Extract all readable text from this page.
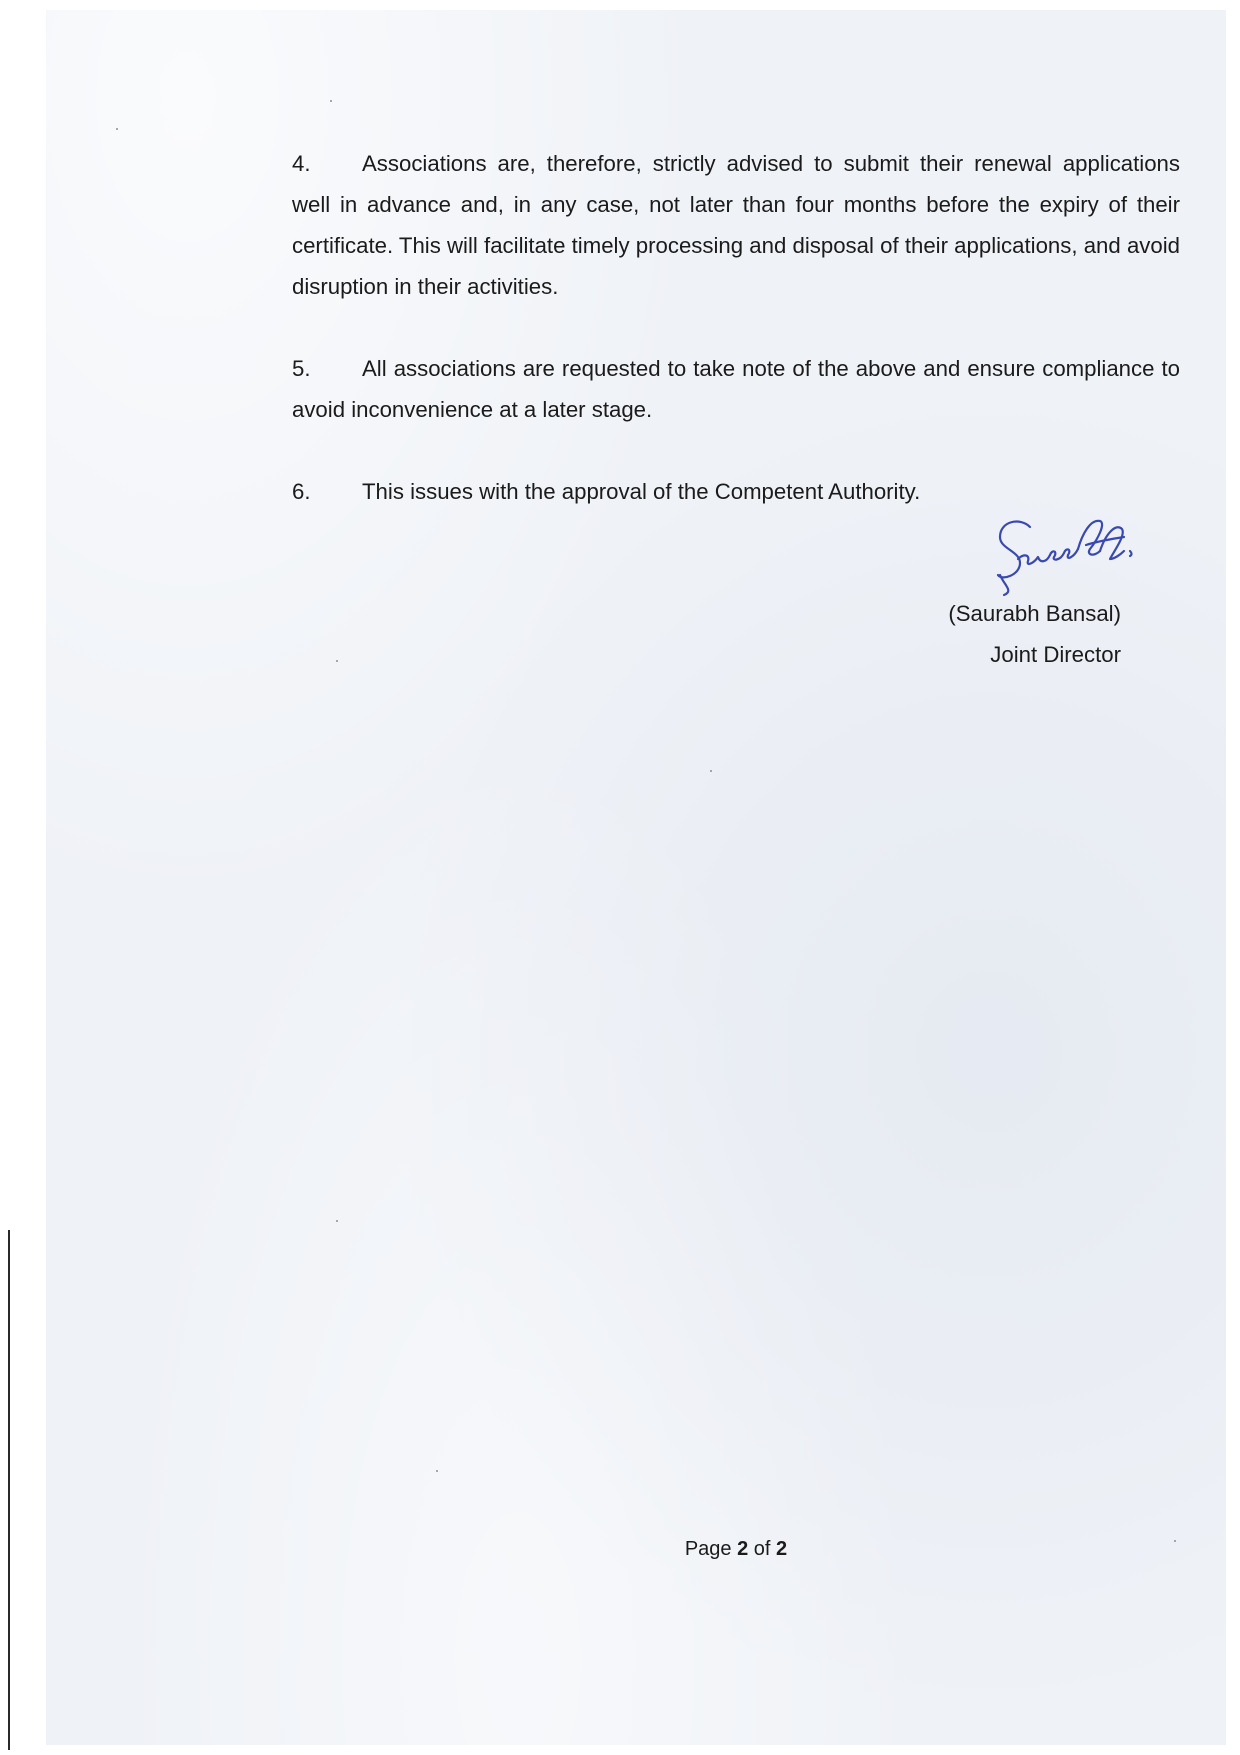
4. Associations are, therefore, strictly advised to submit their renewal applications well in advance and, in any case, not later than four months before the expiry of their certificate. This will facilitate timely processing and disposal of their applications, and avoid disruption in their activities.

5. All associations are requested to take note of the above and ensure compliance to avoid inconvenience at a later stage.

6. This issues with the approval of the Competent Authority.

(Saurabh Bansal)

Joint Director

Page 2 of 2
